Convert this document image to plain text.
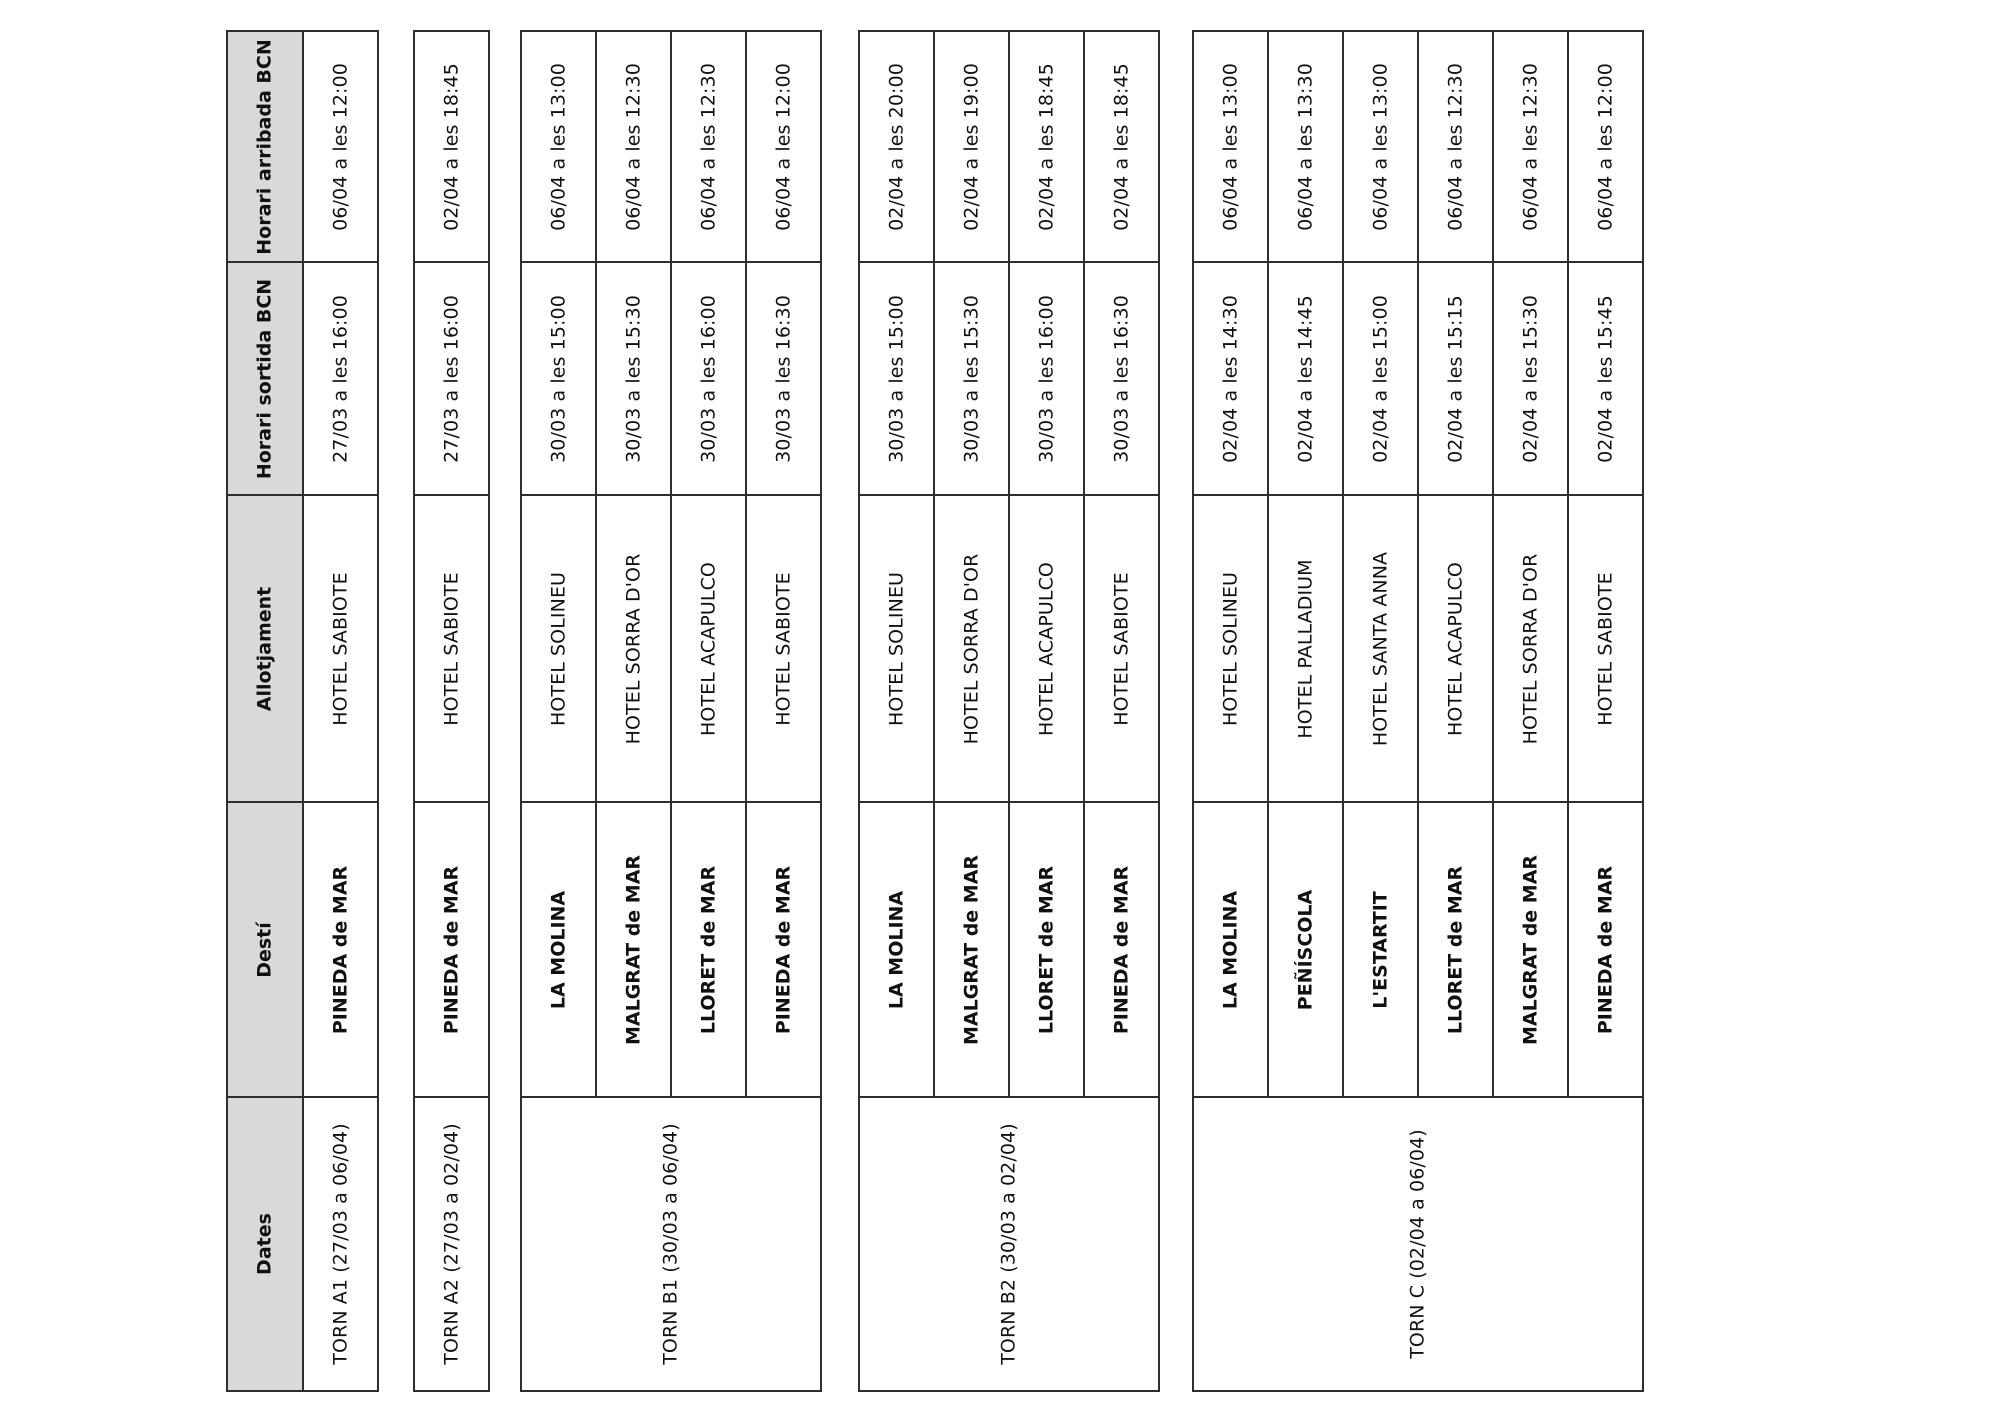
Horari arribada BCN
Horari sortida BCN
Allotjament
Destí
Dates
06/04 a les 12:00
27/03 a les 16:00
HOTEL SABIOTE
PINEDA de MAR
TORN A1 (27/03 a 06/04)
02/04 a les 18:45
27/03 a les 16:00
HOTEL SABIOTE
PINEDA de MAR
TORN A2 (27/03 a 02/04)
06/04 a les 13:00
30/03 a les 15:00
HOTEL SOLINEU
LA MOLINA
06/04 a les 12:30
30/03 a les 15:30
HOTEL SORRA D'OR
MALGRAT de MAR
06/04 a les 12:30
30/03 a les 16:00
HOTEL ACAPULCO
LLORET de MAR
06/04 a les 12:00
30/03 a les 16:30
HOTEL SABIOTE
PINEDA de MAR
TORN B1 (30/03 a 06/04)
02/04 a les 20:00
30/03 a les 15:00
HOTEL SOLINEU
LA MOLINA
02/04 a les 19:00
30/03 a les 15:30
HOTEL SORRA D'OR
MALGRAT de MAR
02/04 a les 18:45
30/03 a les 16:00
HOTEL ACAPULCO
LLORET de MAR
02/04 a les 18:45
30/03 a les 16:30
HOTEL SABIOTE
PINEDA de MAR
TORN B2 (30/03 a 02/04)
06/04 a les 13:00
02/04 a les 14:30
HOTEL SOLINEU
LA MOLINA
06/04 a les 13:30
02/04 a les 14:45
HOTEL PALLADIUM
PEÑÍSCOLA
06/04 a les 13:00
02/04 a les 15:00
HOTEL SANTA ANNA
L'ESTARTIT
06/04 a les 12:30
02/04 a les 15:15
HOTEL ACAPULCO
LLORET de MAR
06/04 a les 12:30
02/04 a les 15:30
HOTEL SORRA D'OR
MALGRAT de MAR
06/04 a les 12:00
02/04 a les 15:45
HOTEL SABIOTE
PINEDA de MAR
TORN C (02/04 a 06/04)
